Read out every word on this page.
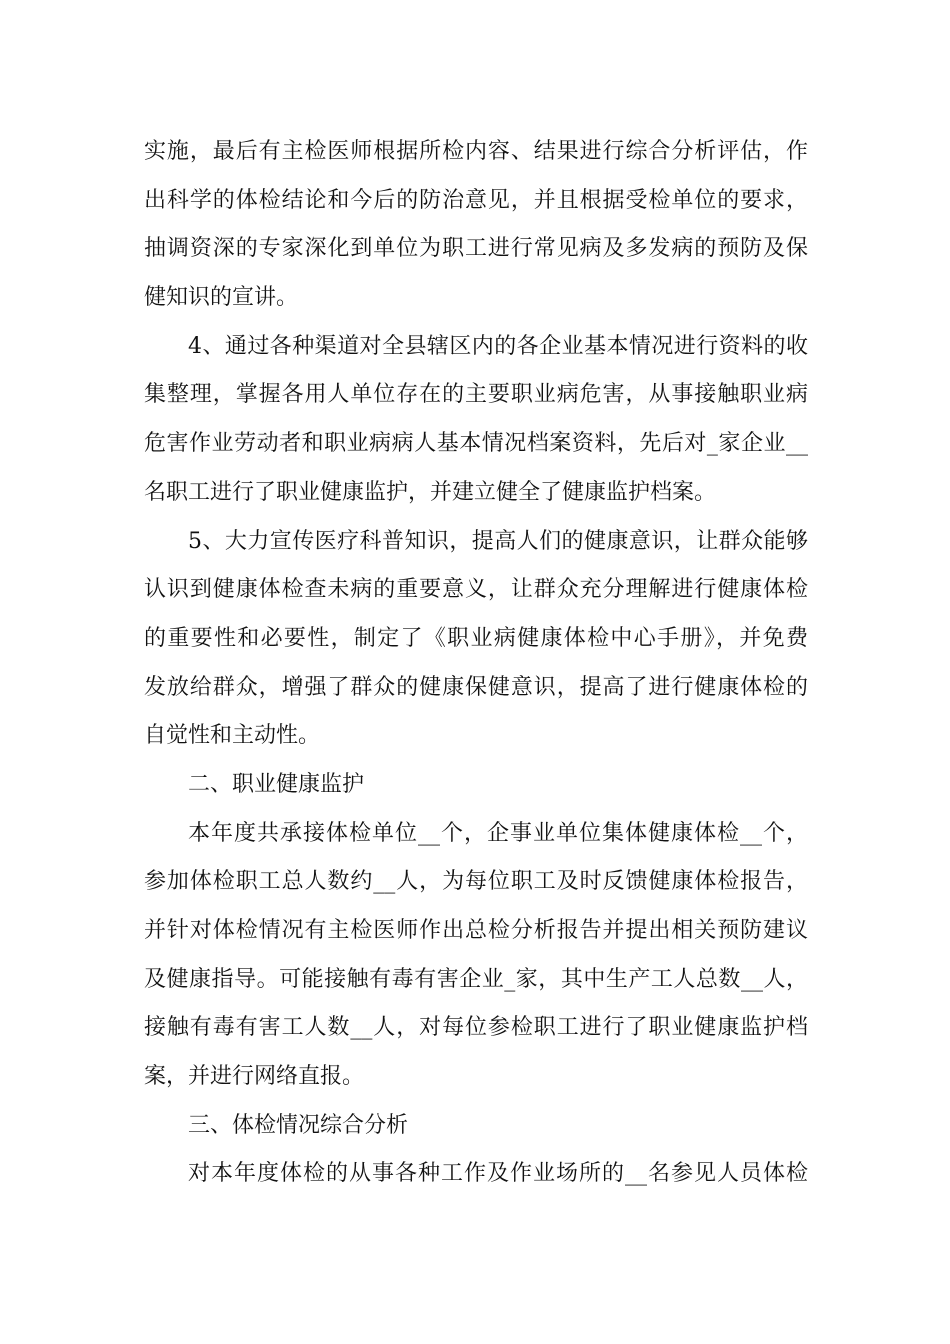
实施，最后有主检医师根据所检内容、结果进行综合分析评估，作
出科学的体检结论和今后的防治意见，并且根据受检单位的要求，
抽调资深的专家深化到单位为职工进行常见病及多发病的预防及保
健知识的宣讲。
4、通过各种渠道对全县辖区内的各企业基本情况进行资料的收
集整理，掌握各用人单位存在的主要职业病危害，从事接触职业病
危害作业劳动者和职业病病人基本情况档案资料，先后对_家企业__
名职工进行了职业健康监护，并建立健全了健康监护档案。
5、大力宣传医疗科普知识，提高人们的健康意识，让群众能够
认识到健康体检查未病的重要意义，让群众充分理解进行健康体检
的重要性和必要性，制定了《职业病健康体检中心手册》，并免费
发放给群众，增强了群众的健康保健意识，提高了进行健康体检的
自觉性和主动性。
二、职业健康监护
本年度共承接体检单位__个，企事业单位集体健康体检__个，
参加体检职工总人数约__人，为每位职工及时反馈健康体检报告，
并针对体检情况有主检医师作出总检分析报告并提出相关预防建议
及健康指导。可能接触有毒有害企业_家，其中生产工人总数__人，
接触有毒有害工人数__人，对每位参检职工进行了职业健康监护档
案，并进行网络直报。
三、体检情况综合分析
对本年度体检的从事各种工作及作业场所的__名参见人员体检
